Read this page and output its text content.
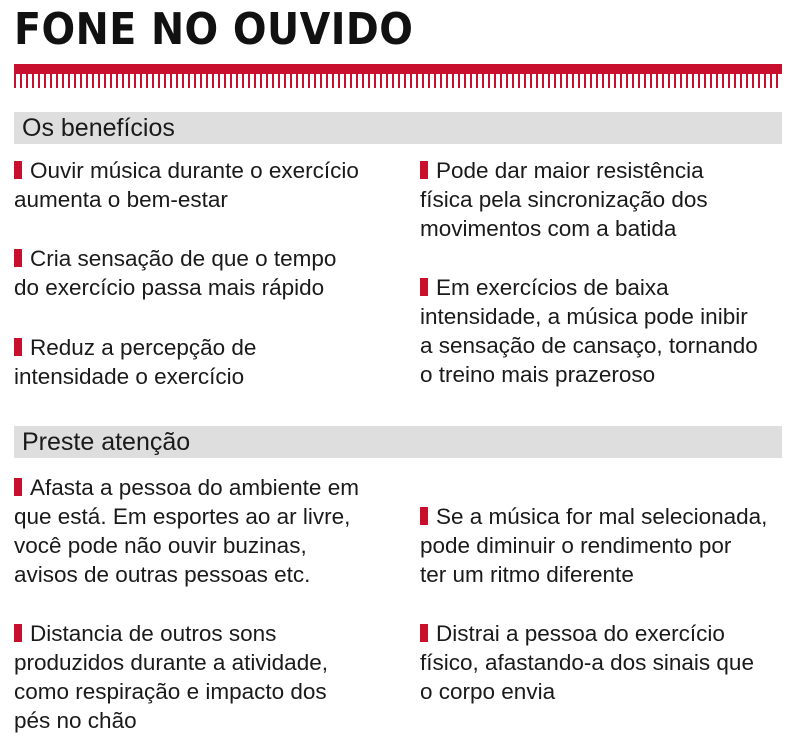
FONE NO OUVIDO
Os benefícios
Ouvir música durante o exercício
aumenta o bem-estar
Cria sensação de que o tempo
do exercício passa mais rápido
Reduz a percepção de
intensidade o exercício
Pode dar maior resistência
física pela sincronização dos
movimentos com a batida
Em exercícios de baixa
intensidade, a música pode inibir
a sensação de cansaço, tornando
o treino mais prazeroso
Preste atenção
Afasta a pessoa do ambiente em
que está. Em esportes ao ar livre,
você pode não ouvir buzinas,
avisos de outras pessoas etc.
Distancia de outros sons
produzidos durante a atividade,
como respiração e impacto dos
pés no chão
Se a música for mal selecionada,
pode diminuir o rendimento por
ter um ritmo diferente
Distrai a pessoa do exercício
físico, afastando-a dos sinais que
o corpo envia
